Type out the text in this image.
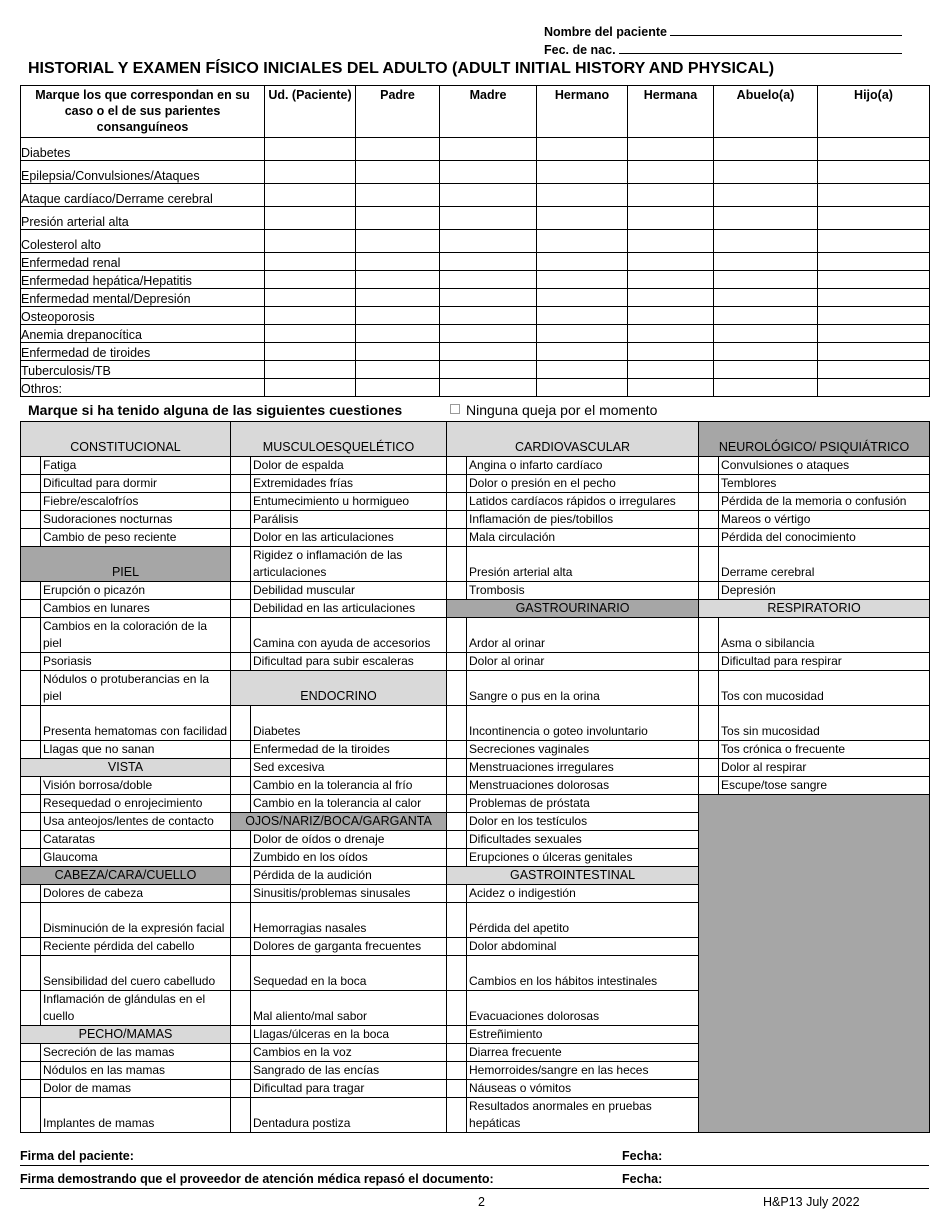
Nombre del paciente
Fec. de nac.
HISTORIAL Y EXAMEN FÍSICO INICIALES DEL ADULTO (ADULT INITIAL HISTORY AND PHYSICAL)
Marque los que correspondan en su caso o el de sus parientes consanguíneos	Ud. (Paciente)	Padre	Madre	Hermano	Hermana	Abuelo(a)	Hijo(a)
Diabetes							
Epilepsia/Convulsiones/Ataques							
Ataque cardíaco/Derrame cerebral							
Presión arterial alta							
Colesterol alto							
Enfermedad renal							
Enfermedad hepática/Hepatitis							
Enfermedad mental/Depresión							
Osteoporosis							
Anemia drepanocítica							
Enfermedad de tiroides							
Tuberculosis/TB							
Othros:							
Marque si ha tenido alguna de las siguientes cuestiones	Ninguna queja por el momento
CONSTITUCIONAL		MUSCULOESQUELÉTICO		CARDIOVASCULAR		NEUROLÓGICO/ PSIQUIÁTRICO	
	Fatiga		Dolor de espalda		Angina o infarto cardíaco		Convulsiones o ataques
	Dificultad para dormir		Extremidades frías		Dolor o presión en el pecho		Temblores
	Fiebre/escalofríos		Entumecimiento u hormigueo		Latidos cardíacos rápidos o irregulares		Pérdida de la memoria o confusión
	Sudoraciones nocturnas		Parálisis		Inflamación de pies/tobillos		Mareos o vértigo
	Cambio de peso reciente		Dolor en las articulaciones		Mala circulación		Pérdida del conocimiento
PIEL			Rigidez o inflamación de las articulaciones		Presión arterial alta		Derrame cerebral
	Erupción o picazón		Debilidad muscular		Trombosis		Depresión
	Cambios en lunares		Debilidad en las articulaciones	GASTROURINARIO		RESPIRATORIO	
	Cambios en la coloración de la piel		Camina con ayuda de accesorios		Ardor al orinar		Asma o sibilancia
	Psoriasis		Dificultad para subir escaleras		Dolor al orinar		Dificultad para respirar
	Nódulos o protuberancias en la piel	ENDOCRINO			Sangre o pus en la orina		Tos con mucosidad
	Presenta hematomas con facilidad		Diabetes		Incontinencia o goteo involuntario		Tos sin mucosidad
	Llagas que no sanan		Enfermedad de la tiroides		Secreciones vaginales		Tos crónica o frecuente
VISTA			Sed excesiva		Menstruaciones irregulares		Dolor al respirar
	Visión borrosa/doble		Cambio en la tolerancia al frío		Menstruaciones dolorosas		Escupe/tose sangre
	Resequedad o enrojecimiento		Cambio en la tolerancia al calor		Problemas de próstata		
	Usa anteojos/lentes de contacto	OJOS/NARIZ/BOCA/GARGANTA			Dolor en los testículos		
	Cataratas		Dolor de oídos o drenaje		Dificultades sexuales		
	Glaucoma		Zumbido en los oídos		Erupciones o úlceras genitales		
CABEZA/CARA/CUELLO			Pérdida de la audición	GASTROINTESTINAL			
	Dolores de cabeza		Sinusitis/problemas sinusales		Acidez o indigestión		
	Disminución de la expresión facial		Hemorragias nasales		Pérdida del apetito		
	Reciente pérdida del cabello		Dolores de garganta frecuentes		Dolor abdominal		
	Sensibilidad del cuero cabelludo		Sequedad en la boca		Cambios en los hábitos intestinales		
	Inflamación de glándulas en el cuello		Mal aliento/mal sabor		Evacuaciones dolorosas		
PECHO/MAMAS			Llagas/úlceras en la boca		Estreñimiento		
	Secreción de las mamas		Cambios en la voz		Diarrea frecuente		
	Nódulos en las mamas		Sangrado de las encías		Hemorroides/sangre en las heces		
	Dolor de mamas		Dificultad para tragar		Náuseas o vómitos		
	Implantes de mamas		Dentadura postiza		Resultados anormales en pruebas hepáticas		
Firma del paciente:	Fecha:
Firma demostrando que el proveedor de atención médica repasó el documento:	Fecha:
2	H&P13 July 2022
